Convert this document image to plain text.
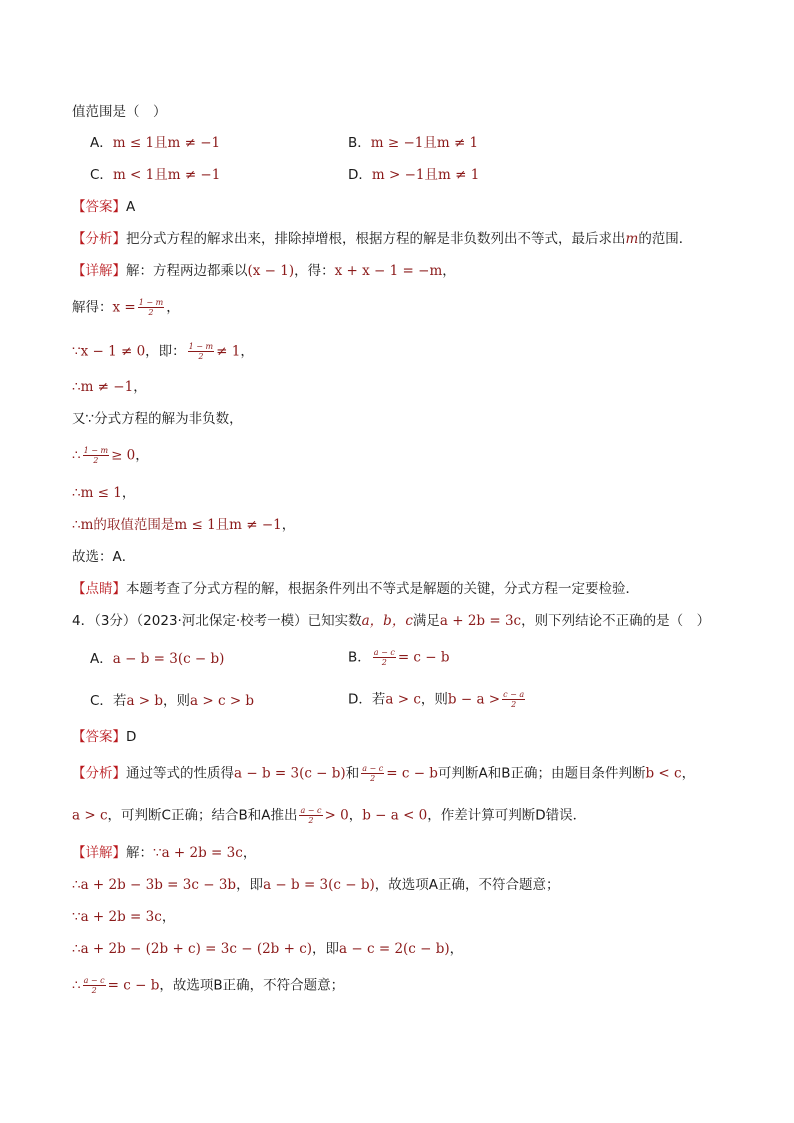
值范围是（　）
A．m ≤ 1且m ≠ −1	B．m ≥ −1且m ≠ 1
C．m < 1且m ≠ −1	D．m > −1且m ≠ 1
【答案】A
【分析】把分式方程的解求出来，排除掉增根，根据方程的解是非负数列出不等式，最后求出m的范围．
【详解】解：方程两边都乘以(x − 1)，得：x + x − 1 = −m，
解得：$x = \frac{1 - m}{2}$ ，
∵x − 1 ≠ 0，即： $\frac{1 - m}{2} \ne 1$，
∴m ≠ −1，
又∵分式方程的解为非负数，
∴ $\frac{1 - m}{2} \ge 0$，
∴m ≤ 1，
∴m的取值范围是m ≤ 1且m ≠ −1，
故选：A．
【点睛】本题考查了分式方程的解，根据条件列出不等式是解题的关键，分式方程一定要检验．
4．（3分）（2023·河北保定·校考一模）已知实数a，b，c满足a + 2b = 3c，则下列结论不正确的是（　）
A．a − b = 3(c − b)	B． $\frac{a - c}{2} = c - b$
C．若a > b，则a > c > b	D．若a > c，则$b - a > \frac{c - a}{2}$
【答案】D
【分析】通过等式的性质得a − b = 3(c − b)和 $\frac{a - c}{2} = c - b$可判断A和B正确；由题目条件判断b < c，
a > c，可判断C正确；结合B和A推出 $\frac{a - c}{2} > 0$，b − a < 0，作差计算可判断D错误．
【详解】解：∵a + 2b = 3c，
∴a + 2b − 3b = 3c − 3b，即a − b = 3(c − b)，故选项A正确，不符合题意；
∵a + 2b = 3c，
∴a + 2b − (2b + c) = 3c − (2b + c)，即a − c = 2(c − b)，
∴ $\frac{a - c}{2} = c - b$，故选项B正确，不符合题意；
